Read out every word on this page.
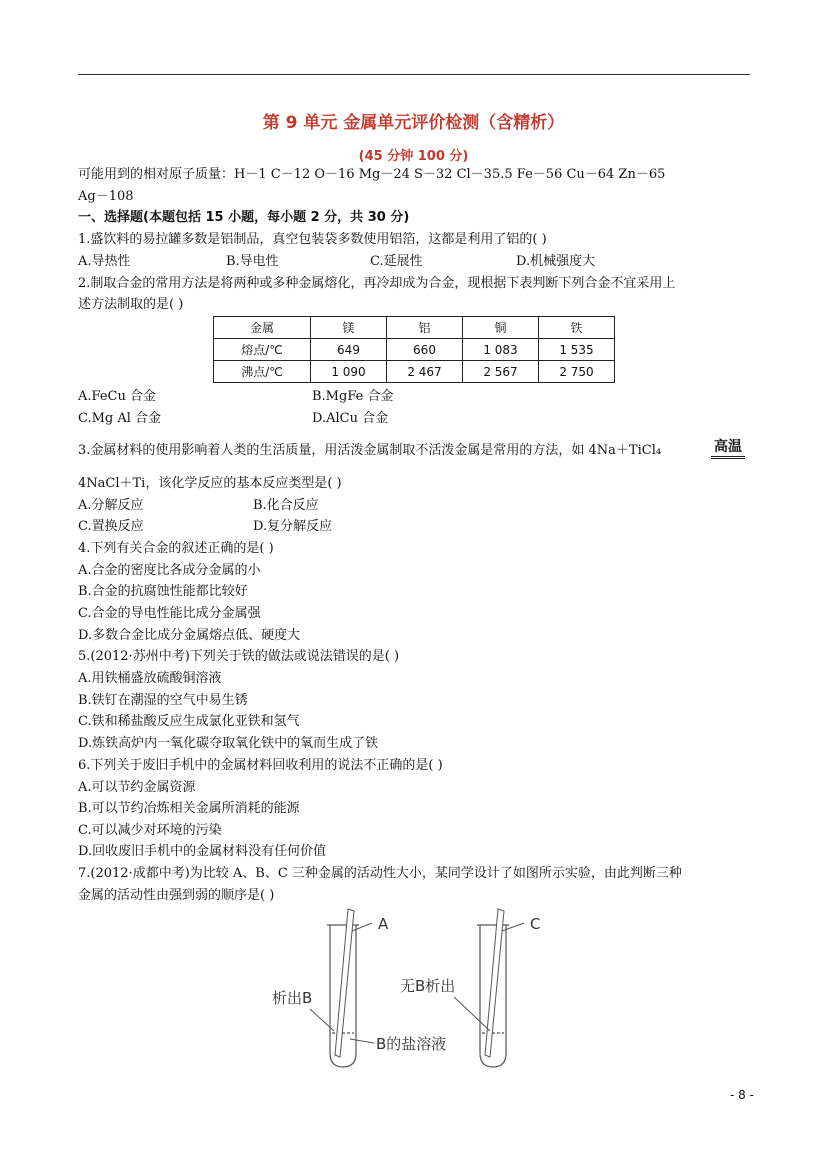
第 9 单元 金属单元评价检测（含精析）
(45 分钟 100 分)
可能用到的相对原子质量：H－1 C－12 O－16 Mg－24 S－32 Cl－35.5 Fe－56 Cu－64 Zn－65
Ag－108
一、选择题(本题包括 15 小题，每小题 2 分，共 30 分)
1.盛饮料的易拉罐多数是铝制品，真空包装袋多数使用铝箔，这都是利用了铝的( )
A.导热性	B.导电性	C.延展性	D.机械强度大
2.制取合金的常用方法是将两种或多种金属熔化，再冷却成为合金，现根据下表判断下列合金不宜采用上
述方法制取的是( )
金属	镁	铝	铜	铁
熔点/℃	649	660	1 083	1 535
沸点/℃	1 090	2 467	2 567	2 750
A.FeCu 合金	B.MgFe 合金
C.Mg Al 合金	D.AlCu 合金
3.金属材料的使用影响着人类的生活质量，用活泼金属制取不活泼金属是常用的方法，如 4Na＋TiCl₄	高温
4NaCl＋Ti，该化学反应的基本反应类型是( )
A.分解反应	B.化合反应
C.置换反应	D.复分解反应
4.下列有关合金的叙述正确的是( )
A.合金的密度比各成分金属的小
B.合金的抗腐蚀性能都比较好
C.合金的导电性能比成分金属强
D.多数合金比成分金属熔点低、硬度大
5.(2012·苏州中考)下列关于铁的做法或说法错误的是( )
A.用铁桶盛放硫酸铜溶液
B.铁钉在潮湿的空气中易生锈
C.铁和稀盐酸反应生成氯化亚铁和氢气
D.炼铁高炉内一氧化碳夺取氧化铁中的氧而生成了铁
6.下列关于废旧手机中的金属材料回收利用的说法不正确的是( )
A.可以节约金属资源
B.可以节约冶炼相关金属所消耗的能源
C.可以减少对环境的污染
D.回收废旧手机中的金属材料没有任何价值
7.(2012·成都中考)为比较 A、B、C 三种金属的活动性大小，某同学设计了如图所示实验，由此判断三种
金属的活动性由强到弱的顺序是( )
A	C
析出B
无B析出
B的盐溶液
- 8 -
